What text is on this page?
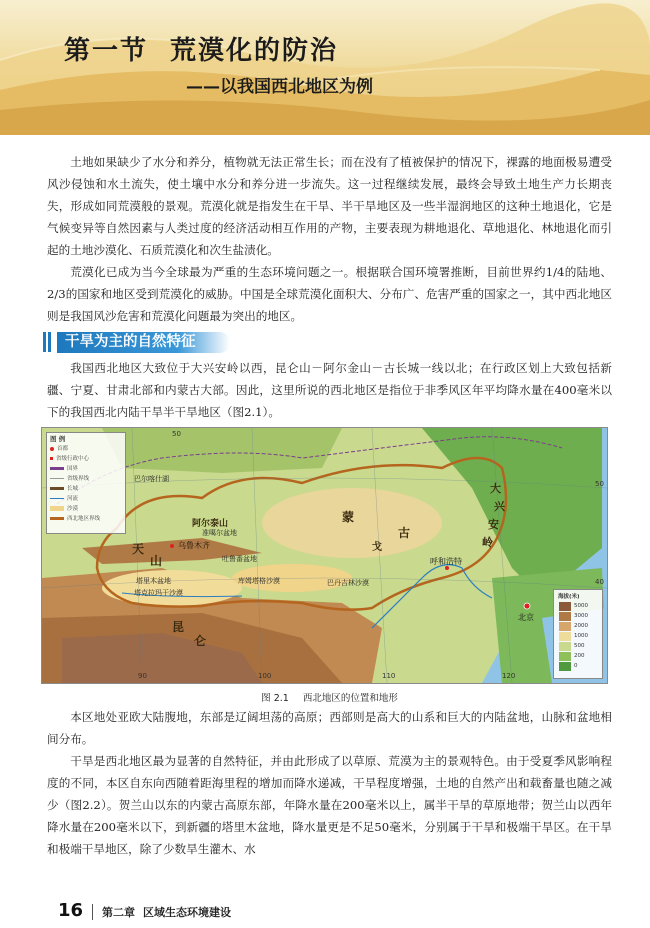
第一节 荒漠化的防治
——以我国西北地区为例

土地如果缺少了水分和养分，植物就无法正常生长；而在没有了植被保护的情况下，裸露的地面极易遭受风沙侵蚀和水土流失，使土壤中水分和养分进一步流失。这一过程继续发展，最终会导致土地生产力长期丧失，形成如同荒漠般的景观。荒漠化就是指发生在干旱、半干旱地区及一些半湿润地区的这种土地退化，它是气候变异等自然因素与人类过度的经济活动相互作用的产物，主要表现为耕地退化、草地退化、林地退化而引起的土地沙漠化、石质荒漠化和次生盐渍化。

荒漠化已成为当今全球最为严重的生态环境问题之一。根据联合国环境署推断，目前世界约1/4的陆地、2/3的国家和地区受到荒漠化的威胁。中国是全球荒漠化面积大、分布广、危害严重的国家之一，其中西北地区则是我国风沙危害和荒漠化问题最为突出的地区。

干旱为主的自然特征

我国西北地区大致位于大兴安岭以西，昆仑山－阿尔金山－古长城一线以北；在行政区划上大致包括新疆、宁夏、甘肃北部和内蒙古大部。因此，这里所说的西北地区是指位于非季风区年平均降水量在400毫米以下的我国西北内陆干旱半干旱地区（图2.1）。

图 例
首都
省级行政中心
国界
省级界线
长城
河流
沙漠
西北地区界线
50
90	100	110	120
40
50
巴尔喀什湖
阿尔泰山
准噶尔盆地
天
山
乌鲁木齐
吐鲁番盆地
塔里木盆地
塔克拉玛干沙漠
库姆塔格沙漠	巴丹吉林沙漠
昆
仑
蒙
古
戈
大
兴
安
岭
呼和浩特
北京
海拔(米)
5000
3000
2000
1000
500
200
0
图 2.1 西北地区的位置和地形

本区地处亚欧大陆腹地，东部是辽阔坦荡的高原；西部则是高大的山系和巨大的内陆盆地，山脉和盆地相间分布。

干旱是西北地区最为显著的自然特征，并由此形成了以草原、荒漠为主的景观特色。由于受夏季风影响程度的不同，本区自东向西随着距海里程的增加而降水递减，干旱程度增强，土地的自然产出和载畜量也随之减少（图2.2）。贺兰山以东的内蒙古高原东部，年降水量在200毫米以上，属半干旱的草原地带；贺兰山以西年降水量在200毫米以下，到新疆的塔里木盆地，降水量更是不足50毫米，分别属于干旱和极端干旱区。在干旱和极端干旱地区，除了少数旱生灌木、水

16 第二章 区域生态环境建设
